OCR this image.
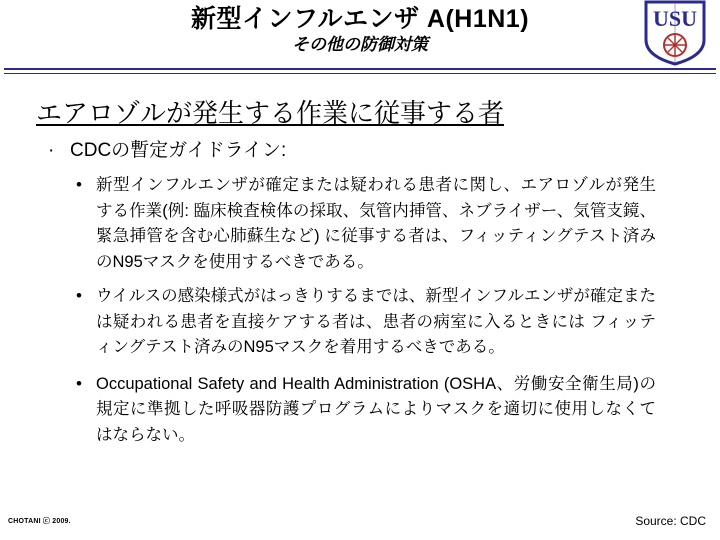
新型インフルエンザ A(H1N1)
その他の防御対策
USU
エアロゾルが発生する作業に従事する者
· CDCの暫定ガイドライン:
• 新型インフルエンザが確定または疑われる患者に関し、エアロゾルが発生する作業(例: 臨床検査検体の採取、気管内挿管、ネブライザー、気管支鏡、緊急挿管を含む心肺蘇生など) に従事する者は、フィッティングテスト済みのN95マスクを使用するべきである。
• ウイルスの感染様式がはっきりするまでは、新型インフルエンザが確定または疑われる患者を直接ケアする者は、患者の病室に入るときには フィッティングテスト済みのN95マスクを着用するべきである。
• Occupational Safety and Health Administration (OSHA、労働安全衛生局)の規定に準拠した呼吸器防護プログラムによりマスクを適切に使用しなくてはならない。
CHOTANI ⓒ 2009.	Source: CDC
